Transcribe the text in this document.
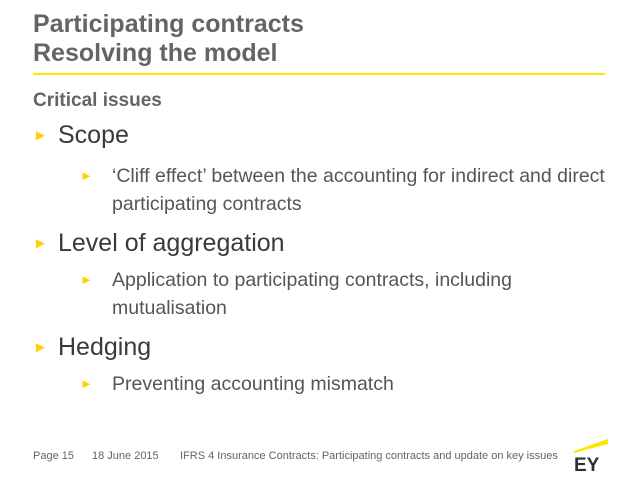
Participating contracts
Resolving the model
Critical issues
► Scope
► ‘Cliff effect’ between the accounting for indirect and direct participating contracts
► Level of aggregation
► Application to participating contracts, including mutualisation
► Hedging
► Preventing accounting mismatch
Page 15 18 June 2015 IFRS 4 Insurance Contracts: Participating contracts and update on key issues EY
